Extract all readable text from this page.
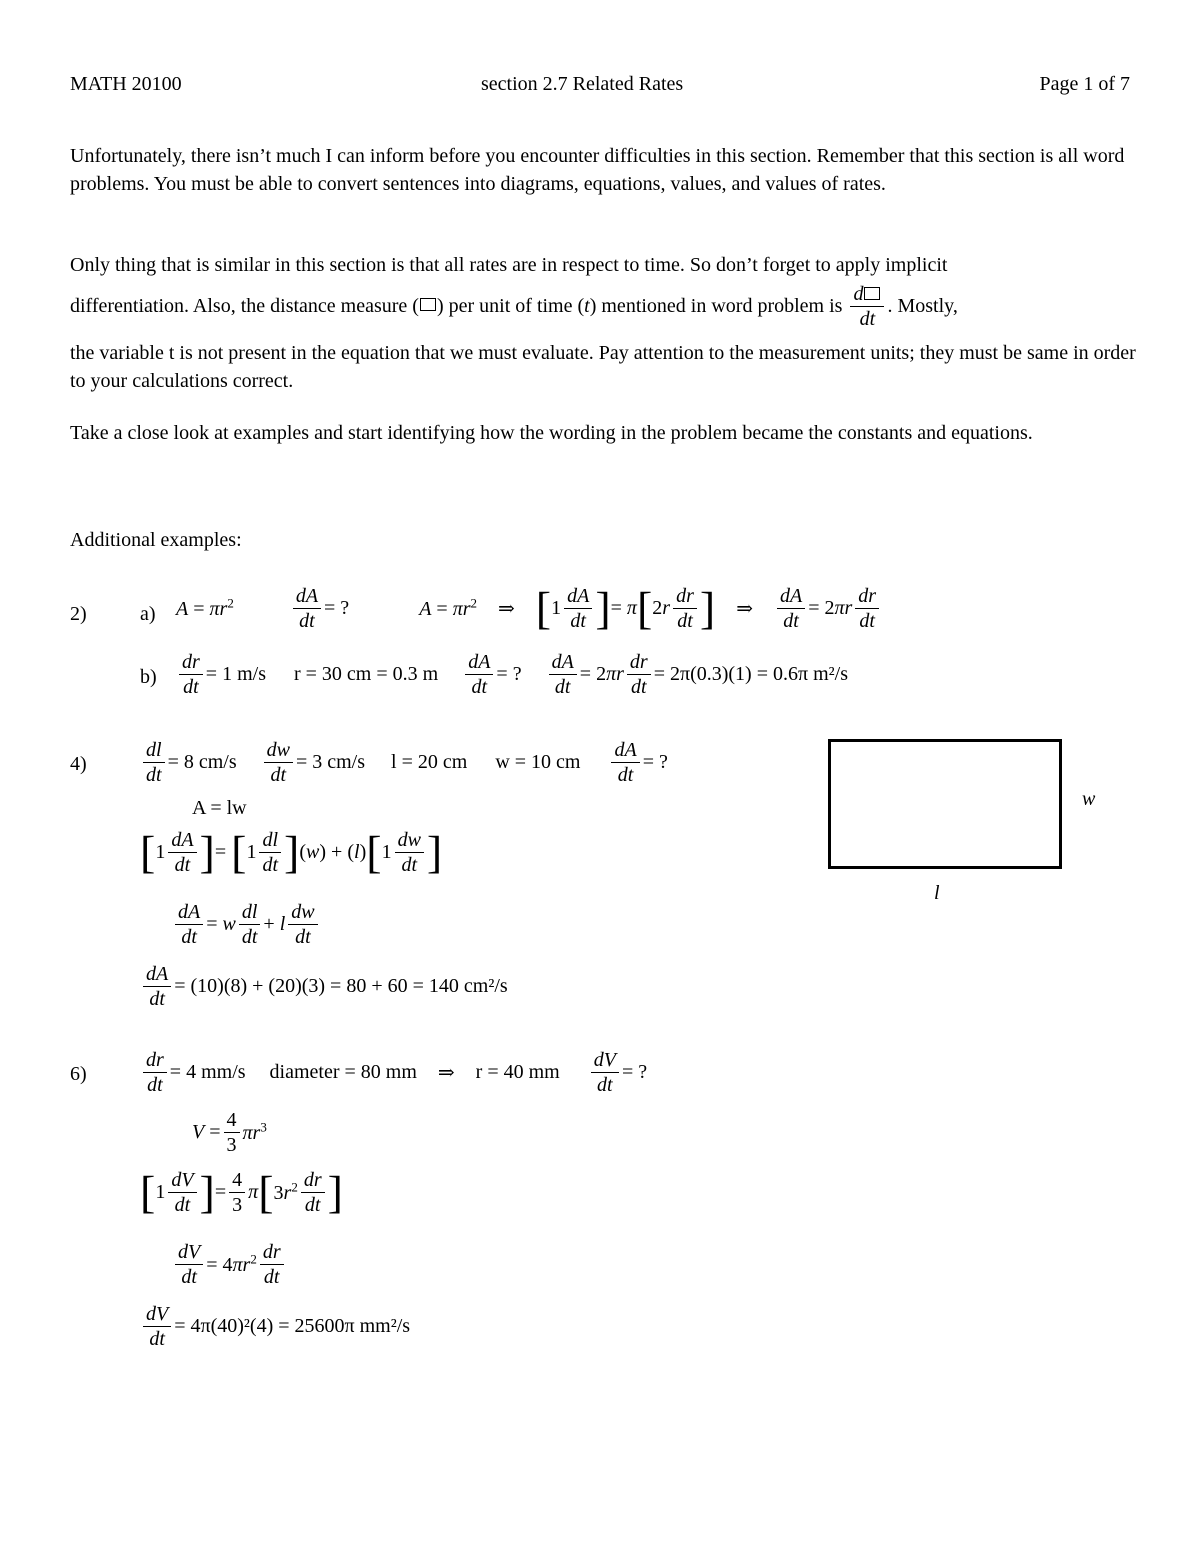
MATH 20100	section 2.7 Related Rates	Page 1 of 7

Unfortunately, there isn’t much I can inform before you encounter difficulties in this section. Remember that this section is all word problems. You must be able to convert sentences into diagrams, equations, values, and values of rates.

Only thing that is similar in this section is that all rates are in respect to time. So don’t forget to apply implicit

differentiation. Also, the distance measure ( ) per unit of time (t) mentioned in word problem is $\frac{d}{dt}$ . Mostly,

the variable t is not present in the equation that we must evaluate. Pay attention to the measurement units; they must be same in order to your calculations correct.

Take a close look at examples and start identifying how the wording in the problem became the constants and equations.

Additional examples:
2)	a) $A = \pi r^2$	$\frac{dA}{dt}$ = ?	$A = \pi r^2$ ⇒ [$1 \frac{dA}{dt}$ ]= $\pi[2r \frac{dr}{dt}$ ] ⇒ $\frac{dA}{dt} = 2\pi r \frac{dr}{dt}$
$b) \frac{dr}{dt} = 1$ m/s r = 30 cm = 0.3 m $\frac{dA}{dt}$ = ? $\frac{dA}{dt} = 2\pi r \frac{dr}{dt} = 2\pi(0.3)(1) = 0.6\pi$ m²/s
4)	$\frac{dl}{dt} = 8$ $cm/s \frac{dw}{dt} = 3$ cm/s l = 20 cm w = 10 cm $\frac{dA}{dt}$ = ?
A = lw
[$1 \frac{dA}{dt}$ ]= $[1 \frac{dl}{dt} ](w) + (l)[1 \frac{dw}{dt}$ ]
$\frac{dA}{dt} = w \frac{dl}{dt} + l \frac{dw}{dt}$
$\frac{dA}{dt} = (10)(8) + (20)(3) = 80 + 60 = 140$ cm²/s
w
l
6)	$\frac{dr}{dt} = 4$ mm/s diameter = 80 mm ⇒ r = 40 mm $\frac{dV}{dt}$ = ?
$V = \frac{4}{3} \pi r^3$
[$1 \frac{dV}{dt}$ ]= $\frac{4}{3} \pi[3r^2 \frac{dr}{dt}$ ]
$\frac{dV}{dt} = 4\pi r^2 \frac{dr}{dt}$
$\frac{dV}{dt} = 4\pi(40)^2(4) = 25600\pi$ mm²/s
